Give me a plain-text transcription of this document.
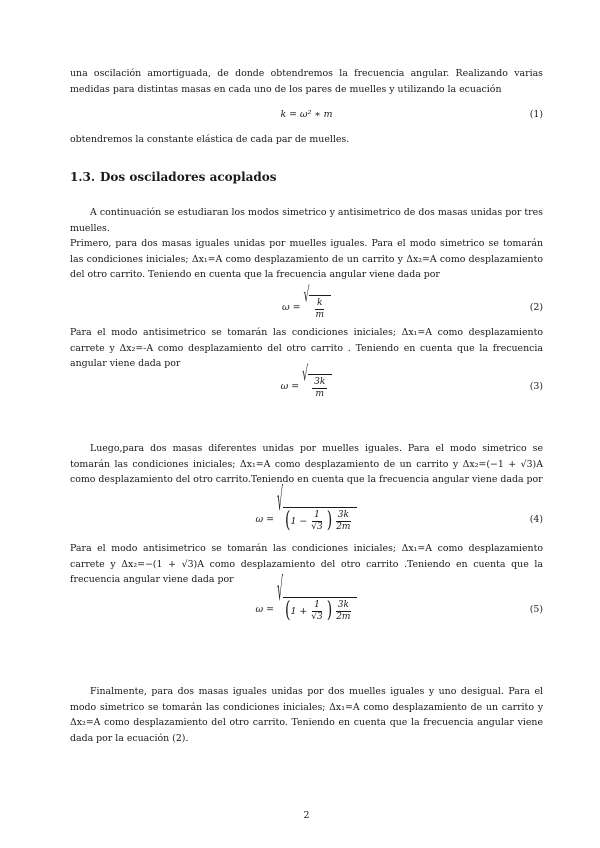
una oscilación amortiguada, de donde obtendremos la frecuencia angular. Realizando varias medidas para distintas masas en cada uno de los pares de muelles y utilizando la ecuación

k = ω² ∗ m	(1)

obtendremos la constante elástica de cada par de muelles.

1.3. Dos osciladores acoplados

A continuación se estudiaran los modos simetrico y antisimetrico de dos masas unidas por tres muelles.

Primero, para dos masas iguales unidas por muelles iguales. Para el modo simetrico se tomarán las condiciones iniciales; Δx₁=A como desplazamiento de un carrito y Δx₂=A como desplazamiento del otro carrito. Teniendo en cuenta que la frecuencia angular viene dada por

ω =
√
$\frac{k}{m}$	(2)

Para el modo antisimetrico se tomarán las condiciones iniciales; Δx₁=A como desplazamiento carrete y Δx₂=-A como desplazamiento del otro carrito . Teniendo en cuenta que la frecuencia angular viene dada por

ω =
√
$\frac{3k}{m}$	(3)

Luego,para dos masas diferentes unidas por muelles iguales. Para el modo simetrico se tomarán las condiciones iniciales; Δx₁=A como desplazamiento de un carrito y Δx₂=(−1 + √3)A como desplazamiento del otro carrito.Teniendo en cuenta que la frecuencia angular viene dada por

ω =
√
( $1 - \frac{1}{√3}$ ) $\frac{3k}{2m}$	(4)

Para el modo antisimetrico se tomarán las condiciones iniciales; Δx₁=A como desplazamiento carrete y Δx₂=−(1 + √3)A como desplazamiento del otro carrito .Teniendo en cuenta que la frecuencia angular viene dada por

ω =
√
( $1 + \frac{1}{√3}$ ) $\frac{3k}{2m}$	(5)

Finalmente, para dos masas iguales unidas por dos muelles iguales y uno desigual. Para el modo simetrico se tomarán las condiciones iniciales; Δx₁=A como desplazamiento de un carrito y Δx₂=A como desplazamiento del otro carrito. Teniendo en cuenta que la frecuencia angular viene dada por la ecuación (2).

2
